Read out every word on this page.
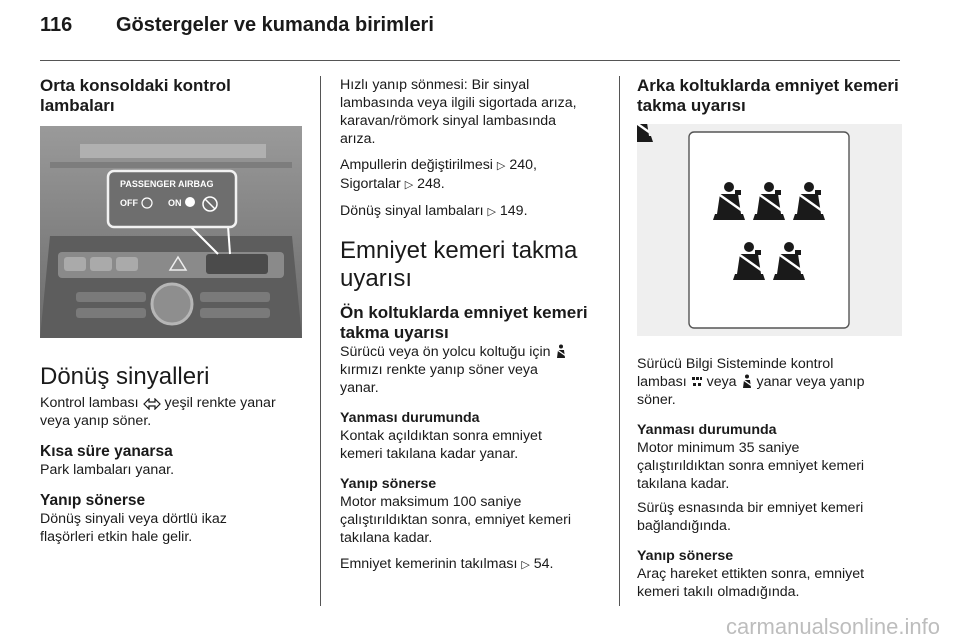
116 Göstergeler ve kumanda birimleri
Orta konsoldaki kontrol
lambaları
PASSENGER AIRBAG
OFF	ON
Dönüş sinyalleri

Kontrol lambası yeşil renkte yanar
veya yanıp söner.

Kısa süre yanarsa

Park lambaları yanar.

Yanıp sönerse

Dönüş sinyali veya dörtlü ikaz
flaşörleri etkin hale gelir.

Hızlı yanıp sönmesi: Bir sinyal
lambasında veya ilgili sigortada arıza,
karavan/römork sinyal lambasında
arıza.

Ampullerin değiştirilmesi ▷ 240,
Sigortalar ▷ 248.

Dönüş sinyal lambaları ▷ 149.

Emniyet kemeri takma
uyarısı
Ön koltuklarda emniyet kemeri
takma uyarısı

Sürücü veya ön yolcu koltuğu için
kırmızı renkte yanıp söner veya
yanar.

Yanması durumunda

Kontak açıldıktan sonra emniyet
kemeri takılana kadar yanar.

Yanıp sönerse

Motor maksimum 100 saniye
çalıştırıldıktan sonra, emniyet kemeri
takılana kadar.

Emniyet kemerinin takılması ▷ 54.

Arka koltuklarda emniyet kemeri
takma uyarısı

Sürücü Bilgi Sisteminde kontrol
lambası veya yanar veya yanıp
söner.

Yanması durumunda

Motor minimum 35 saniye
çalıştırıldıktan sonra emniyet kemeri
takılana kadar.

Sürüş esnasında bir emniyet kemeri
bağlandığında.

Yanıp sönerse

Araç hareket ettikten sonra, emniyet
kemeri takılı olmadığında.

carmanualsonline.info
